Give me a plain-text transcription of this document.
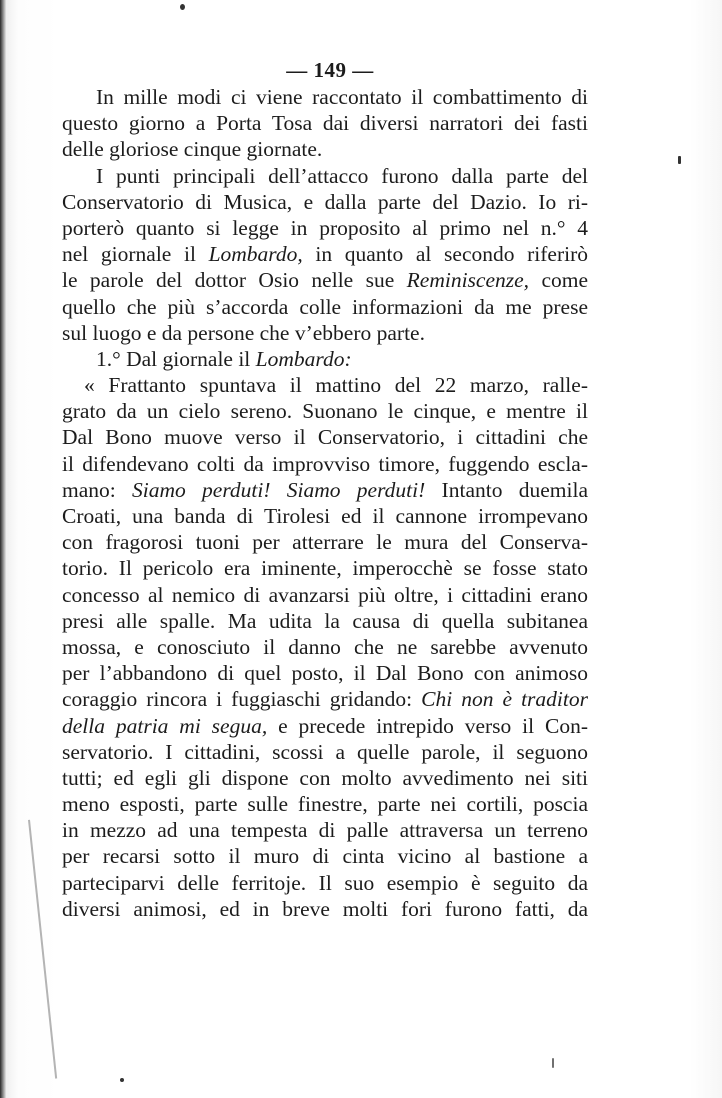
— 149 —
In mille modi ci viene raccontato il combattimento di
questo giorno a Porta Tosa dai diversi narratori dei fasti
delle gloriose cinque giornate.
I punti principali dell’attacco furono dalla parte del
Conservatorio di Musica, e dalla parte del Dazio. Io ri-
porterò quanto si legge in proposito al primo nel n.° 4
nel giornale il Lombardo, in quanto al secondo riferirò
le parole del dottor Osio nelle sue Reminiscenze, come
quello che più s’accorda colle informazioni da me prese
sul luogo e da persone che v’ebbero parte.
1.° Dal giornale il Lombardo:
« Frattanto spuntava il mattino del 22 marzo, ralle-
grato da un cielo sereno. Suonano le cinque, e mentre il
Dal Bono muove verso il Conservatorio, i cittadini che
il difendevano colti da improvviso timore, fuggendo escla-
mano: Siamo perduti! Siamo perduti! Intanto duemila
Croati, una banda di Tirolesi ed il cannone irrompevano
con fragorosi tuoni per atterrare le mura del Conserva-
torio. Il pericolo era iminente, imperocchè se fosse stato
concesso al nemico di avanzarsi più oltre, i cittadini erano
presi alle spalle. Ma udita la causa di quella subitanea
mossa, e conosciuto il danno che ne sarebbe avvenuto
per l’abbandono di quel posto, il Dal Bono con animoso
coraggio rincora i fuggiaschi gridando: Chi non è traditor
della patria mi segua, e precede intrepido verso il Con-
servatorio. I cittadini, scossi a quelle parole, il seguono
tutti; ed egli gli dispone con molto avvedimento nei siti
meno esposti, parte sulle finestre, parte nei cortili, poscia
in mezzo ad una tempesta di palle attraversa un terreno
per recarsi sotto il muro di cinta vicino al bastione a
parteciparvi delle ferritoje. Il suo esempio è seguito da
diversi animosi, ed in breve molti fori furono fatti, da
